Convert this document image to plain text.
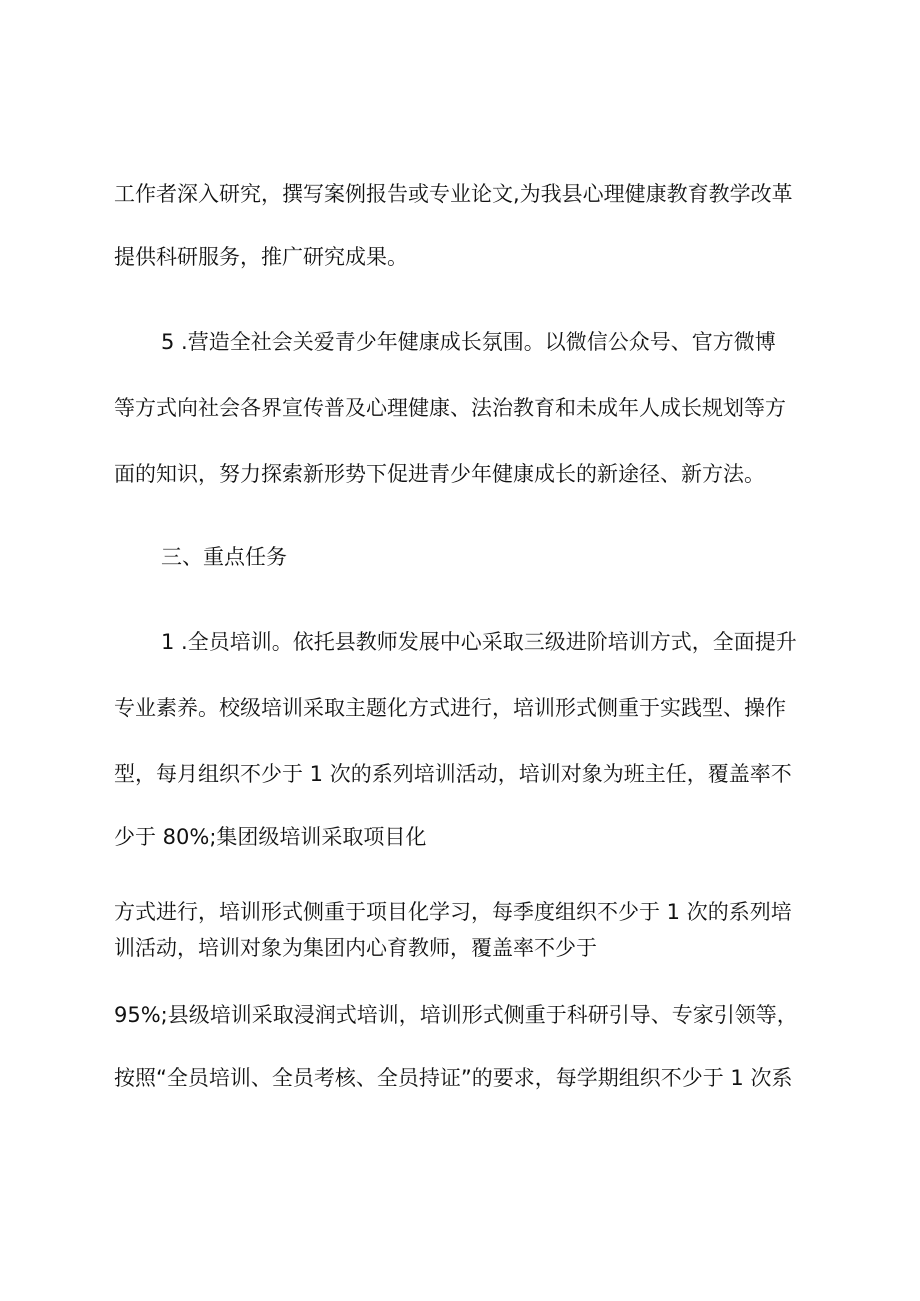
工作者深入研究，撰写案例报告或专业论文,为我县心理健康教育教学改革
提供科研服务，推广研究成果。
5 .营造全社会关爱青少年健康成长氛围。以微信公众号、官方微博
等方式向社会各界宣传普及心理健康、法治教育和未成年人成长规划等方
面的知识，努力探索新形势下促进青少年健康成长的新途径、新方法。
三、重点任务
1 .全员培训。依托县教师发展中心采取三级进阶培训方式，全面提升
专业素养。校级培训采取主题化方式进行，培训形式侧重于实践型、操作
型，每月组织不少于 1 次的系列培训活动，培训对象为班主任，覆盖率不
少于 80%;集团级培训采取项目化
方式进行，培训形式侧重于项目化学习，每季度组织不少于 1 次的系列培
训活动，培训对象为集团内心育教师，覆盖率不少于
95%;县级培训采取浸润式培训，培训形式侧重于科研引导、专家引领等，
按照“全员培训、全员考核、全员持证”的要求，每学期组织不少于 1 次系
